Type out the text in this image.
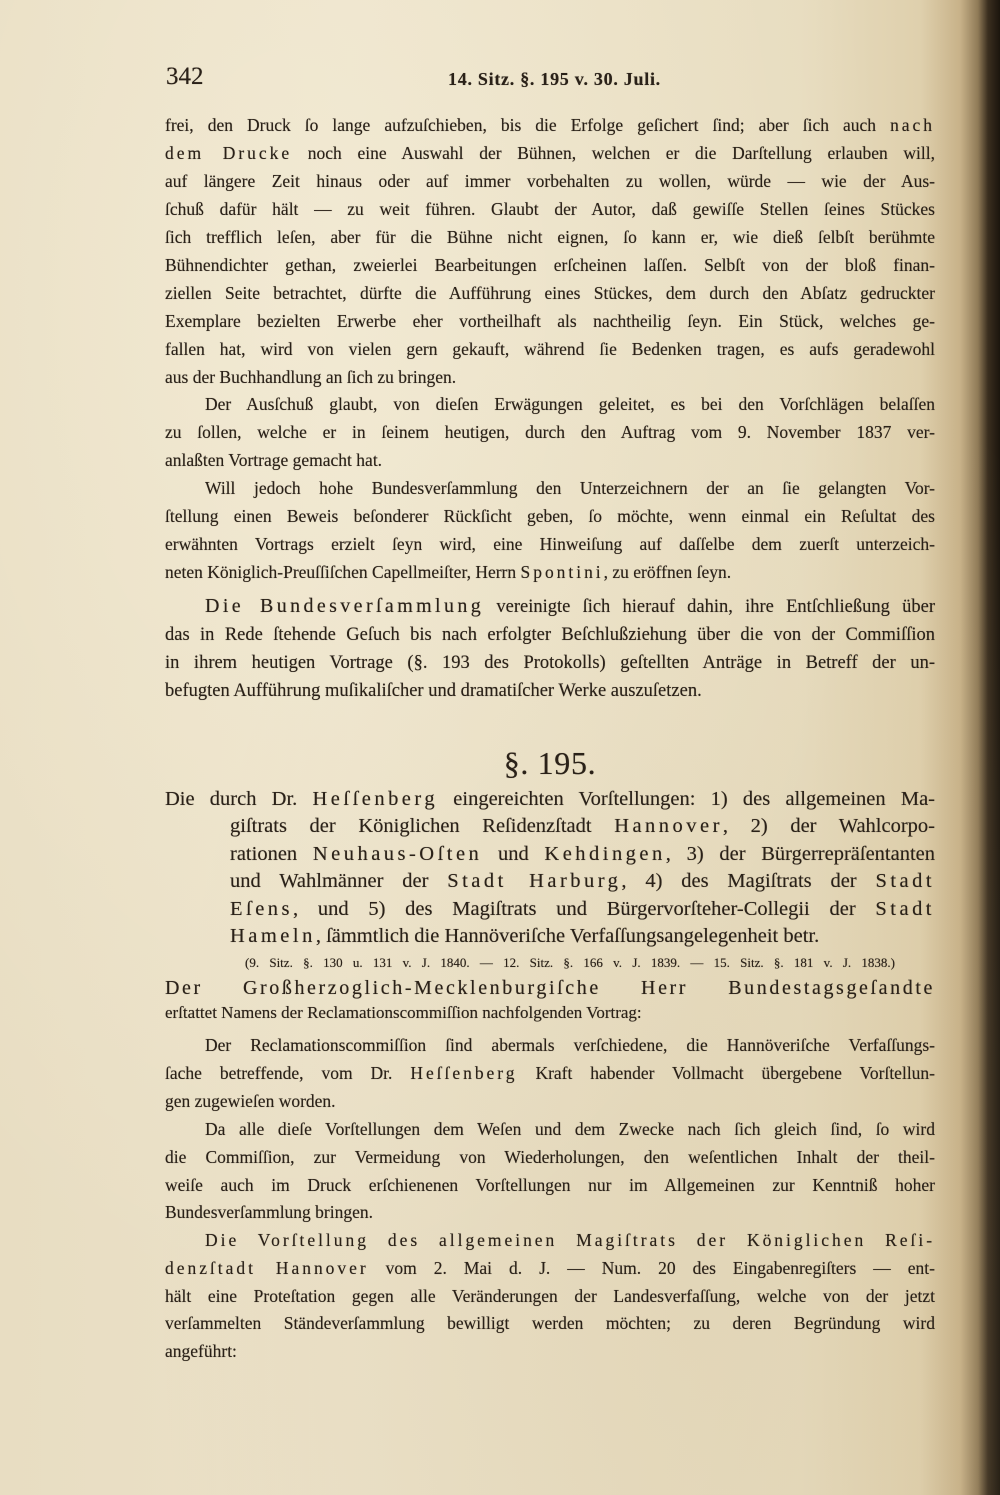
342	14. Sitz. §. 195 v. 30. Juli.
frei, den Druck ſo lange aufzuſchieben, bis die Erfolge geſichert ſind; aber ſich auch nach
dem Drucke noch eine Auswahl der Bühnen, welchen er die Darſtellung erlauben will,
auf längere Zeit hinaus oder auf immer vorbehalten zu wollen, würde — wie der Aus-
ſchuß dafür hält — zu weit führen. Glaubt der Autor, daß gewiſſe Stellen ſeines Stückes
ſich trefflich leſen, aber für die Bühne nicht eignen, ſo kann er, wie dieß ſelbſt berühmte
Bühnendichter gethan, zweierlei Bearbeitungen erſcheinen laſſen. Selbſt von der bloß finan-
ziellen Seite betrachtet, dürfte die Aufführung eines Stückes, dem durch den Abſatz gedruckter
Exemplare bezielten Erwerbe eher vortheilhaft als nachtheilig ſeyn. Ein Stück, welches ge-
fallen hat, wird von vielen gern gekauft, während ſie Bedenken tragen, es aufs geradewohl
aus der Buchhandlung an ſich zu bringen.
Der Ausſchuß glaubt, von dieſen Erwägungen geleitet, es bei den Vorſchlägen belaſſen
zu ſollen, welche er in ſeinem heutigen, durch den Auftrag vom 9. November 1837 ver-
anlaßten Vortrage gemacht hat.
Will jedoch hohe Bundesverſammlung den Unterzeichnern der an ſie gelangten Vor-
ſtellung einen Beweis beſonderer Rückſicht geben, ſo möchte, wenn einmal ein Reſultat des
erwähnten Vortrags erzielt ſeyn wird, eine Hinweiſung auf daſſelbe dem zuerſt unterzeich-
neten Königlich-Preuſſiſchen Capellmeiſter, Herrn Spontini, zu eröffnen ſeyn.
Die Bundesverſammlung vereinigte ſich hierauf dahin, ihre Entſchließung über
das in Rede ſtehende Geſuch bis nach erfolgter Beſchlußziehung über die von der Commiſſion
in ihrem heutigen Vortrage (§. 193 des Protokolls) geſtellten Anträge in Betreff der un-
befugten Aufführung muſikaliſcher und dramatiſcher Werke auszuſetzen.
§. 195.
Die durch Dr. Heſſenberg eingereichten Vorſtellungen: 1) des allgemeinen Ma-
giſtrats der Königlichen Reſidenzſtadt Hannover, 2) der Wahlcorpo-
rationen Neuhaus-Oſten und Kehdingen, 3) der Bürgerrepräſentanten
und Wahlmänner der Stadt Harburg, 4) des Magiſtrats der Stadt
Eſens, und 5) des Magiſtrats und Bürgervorſteher-Collegii der Stadt
Hameln, ſämmtlich die Hannöveriſche Verfaſſungsangelegenheit betr.
(9. Sitz. §. 130 u. 131 v. J. 1840. — 12. Sitz. §. 166 v. J. 1839. — 15. Sitz. §. 181 v. J. 1838.)
Der Großherzoglich-Mecklenburgiſche Herr Bundestagsgeſandte
erſtattet Namens der Reclamationscommiſſion nachfolgenden Vortrag:
Der Reclamationscommiſſion ſind abermals verſchiedene, die Hannöveriſche Verfaſſungs-
ſache betreffende, vom Dr. Heſſenberg Kraft habender Vollmacht übergebene Vorſtellun-
gen zugewieſen worden.
Da alle dieſe Vorſtellungen dem Weſen und dem Zwecke nach ſich gleich ſind, ſo wird
die Commiſſion, zur Vermeidung von Wiederholungen, den weſentlichen Inhalt der theil-
weiſe auch im Druck erſchienenen Vorſtellungen nur im Allgemeinen zur Kenntniß hoher
Bundesverſammlung bringen.
Die Vorſtellung des allgemeinen Magiſtrats der Königlichen Reſi-
denzſtadt Hannover vom 2. Mai d. J. — Num. 20 des Eingabenregiſters — ent-
hält eine Proteſtation gegen alle Veränderungen der Landesverfaſſung, welche von der jetzt
verſammelten Ständeverſammlung bewilligt werden möchten; zu deren Begründung wird
angeführt:
